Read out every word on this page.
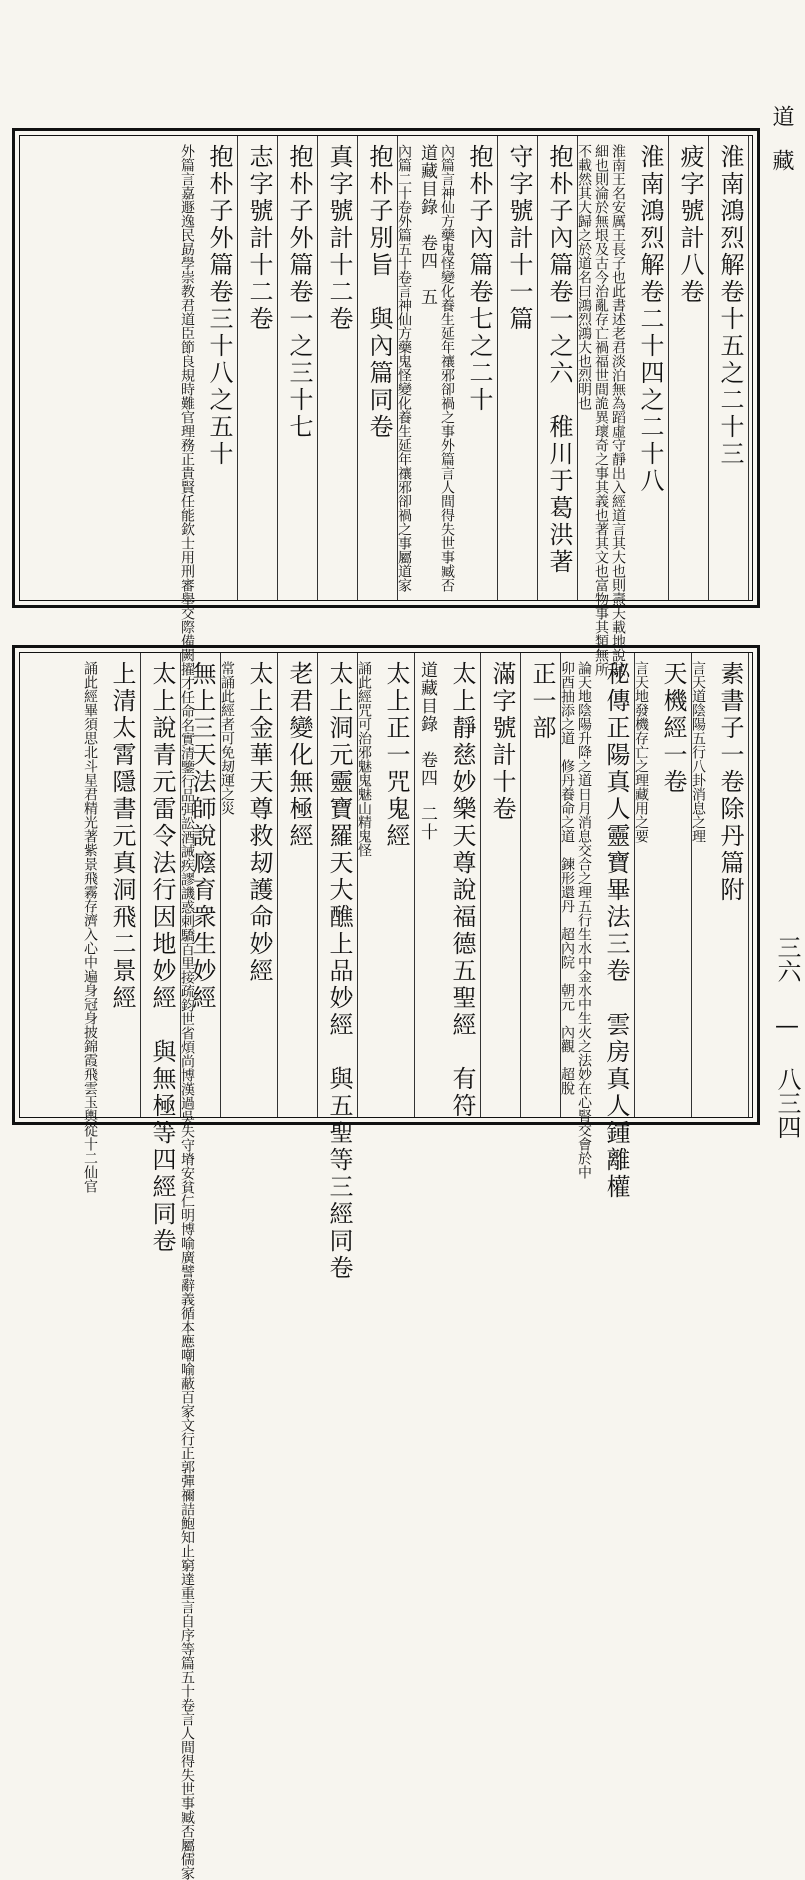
道　藏
淮南鴻烈解卷十五之二十三
疲字號計八卷
淮南鴻烈解卷二十四之二十八
淮南王名安厲王長子也此書述老君淡泊無為蹈虛守靜出入經道言其大也則燾天載地說其
細也則淪於無垠及古今治亂存亡禍福世間詭異瓌奇之事其義也著其文也富物事其類無所
不載然其大歸之於道名曰鴻烈鴻大也烈明也
抱朴子內篇卷一之六　稚川于葛洪著
守字號計十一篇
抱朴子內篇卷七之二十
內篇言神仙方藥鬼怪變化養生延年禳邪卻禍之事外篇言人間得失世事臧否
道藏目錄　卷四　五
內篇二十卷外篇五十卷言神仙方藥鬼怪變化養生延年禳邪卻禍之事屬道家
抱朴子別旨　與內篇同卷
真字號計十二卷
抱朴子外篇卷一之三十七
志字號計十二卷
抱朴子外篇卷三十八之五十
外篇言嘉遯逸民勗學崇教君道臣節良規時難官理務正貴賢任能欽士用刑審舉交際備闕擢才任命名實清鑒行品弭訟酒誡疾謬譏惑刺驕百里接疏鈞世省煩尚博漢過吳失守塉安貧仁明博喻廣譬辭義循本應嘲喻蔽百家文行正郭彈禰詰鮑知止窮達重言自序等篇五十卷言人間得失世事臧否屬儒家	素書子一卷除丹篇附
言天道陰陽五行八卦消息之理
天機經一卷
言天地發機存亡之理藏用之要
秘傳正陽真人靈寶畢法三卷　雲房真人鍾離權
論天地陰陽升降之道日月消息交合之理五行生水中金水中生火之法妙在心腎交會於中
卯酉抽添之道　修丹養命之道　鍊形還丹　超內院　朝元　內觀　超脫
正一部
滿字號計十卷
太上靜慈妙樂天尊說福德五聖經　有符
道藏目錄　卷四　二十
太上正一咒鬼經
誦此經咒可治邪魅鬼魅山精鬼怪
太上洞元靈寶羅天大醮上品妙經　與五聖等三經同卷
老君變化無極經
太上金華天尊救刼護命妙經
常誦此經者可免刼運之災
無上三天法師說廕育衆生妙經
太上說青元雷令法行因地妙經　與無極等四經同卷
上清太霄隱書元真洞飛二景經
誦此經畢須思北斗星君精光著紫景飛霧存濟入心中遍身冠身披錦霞飛雲玉輿從十二仙官	三六 — 八三四
